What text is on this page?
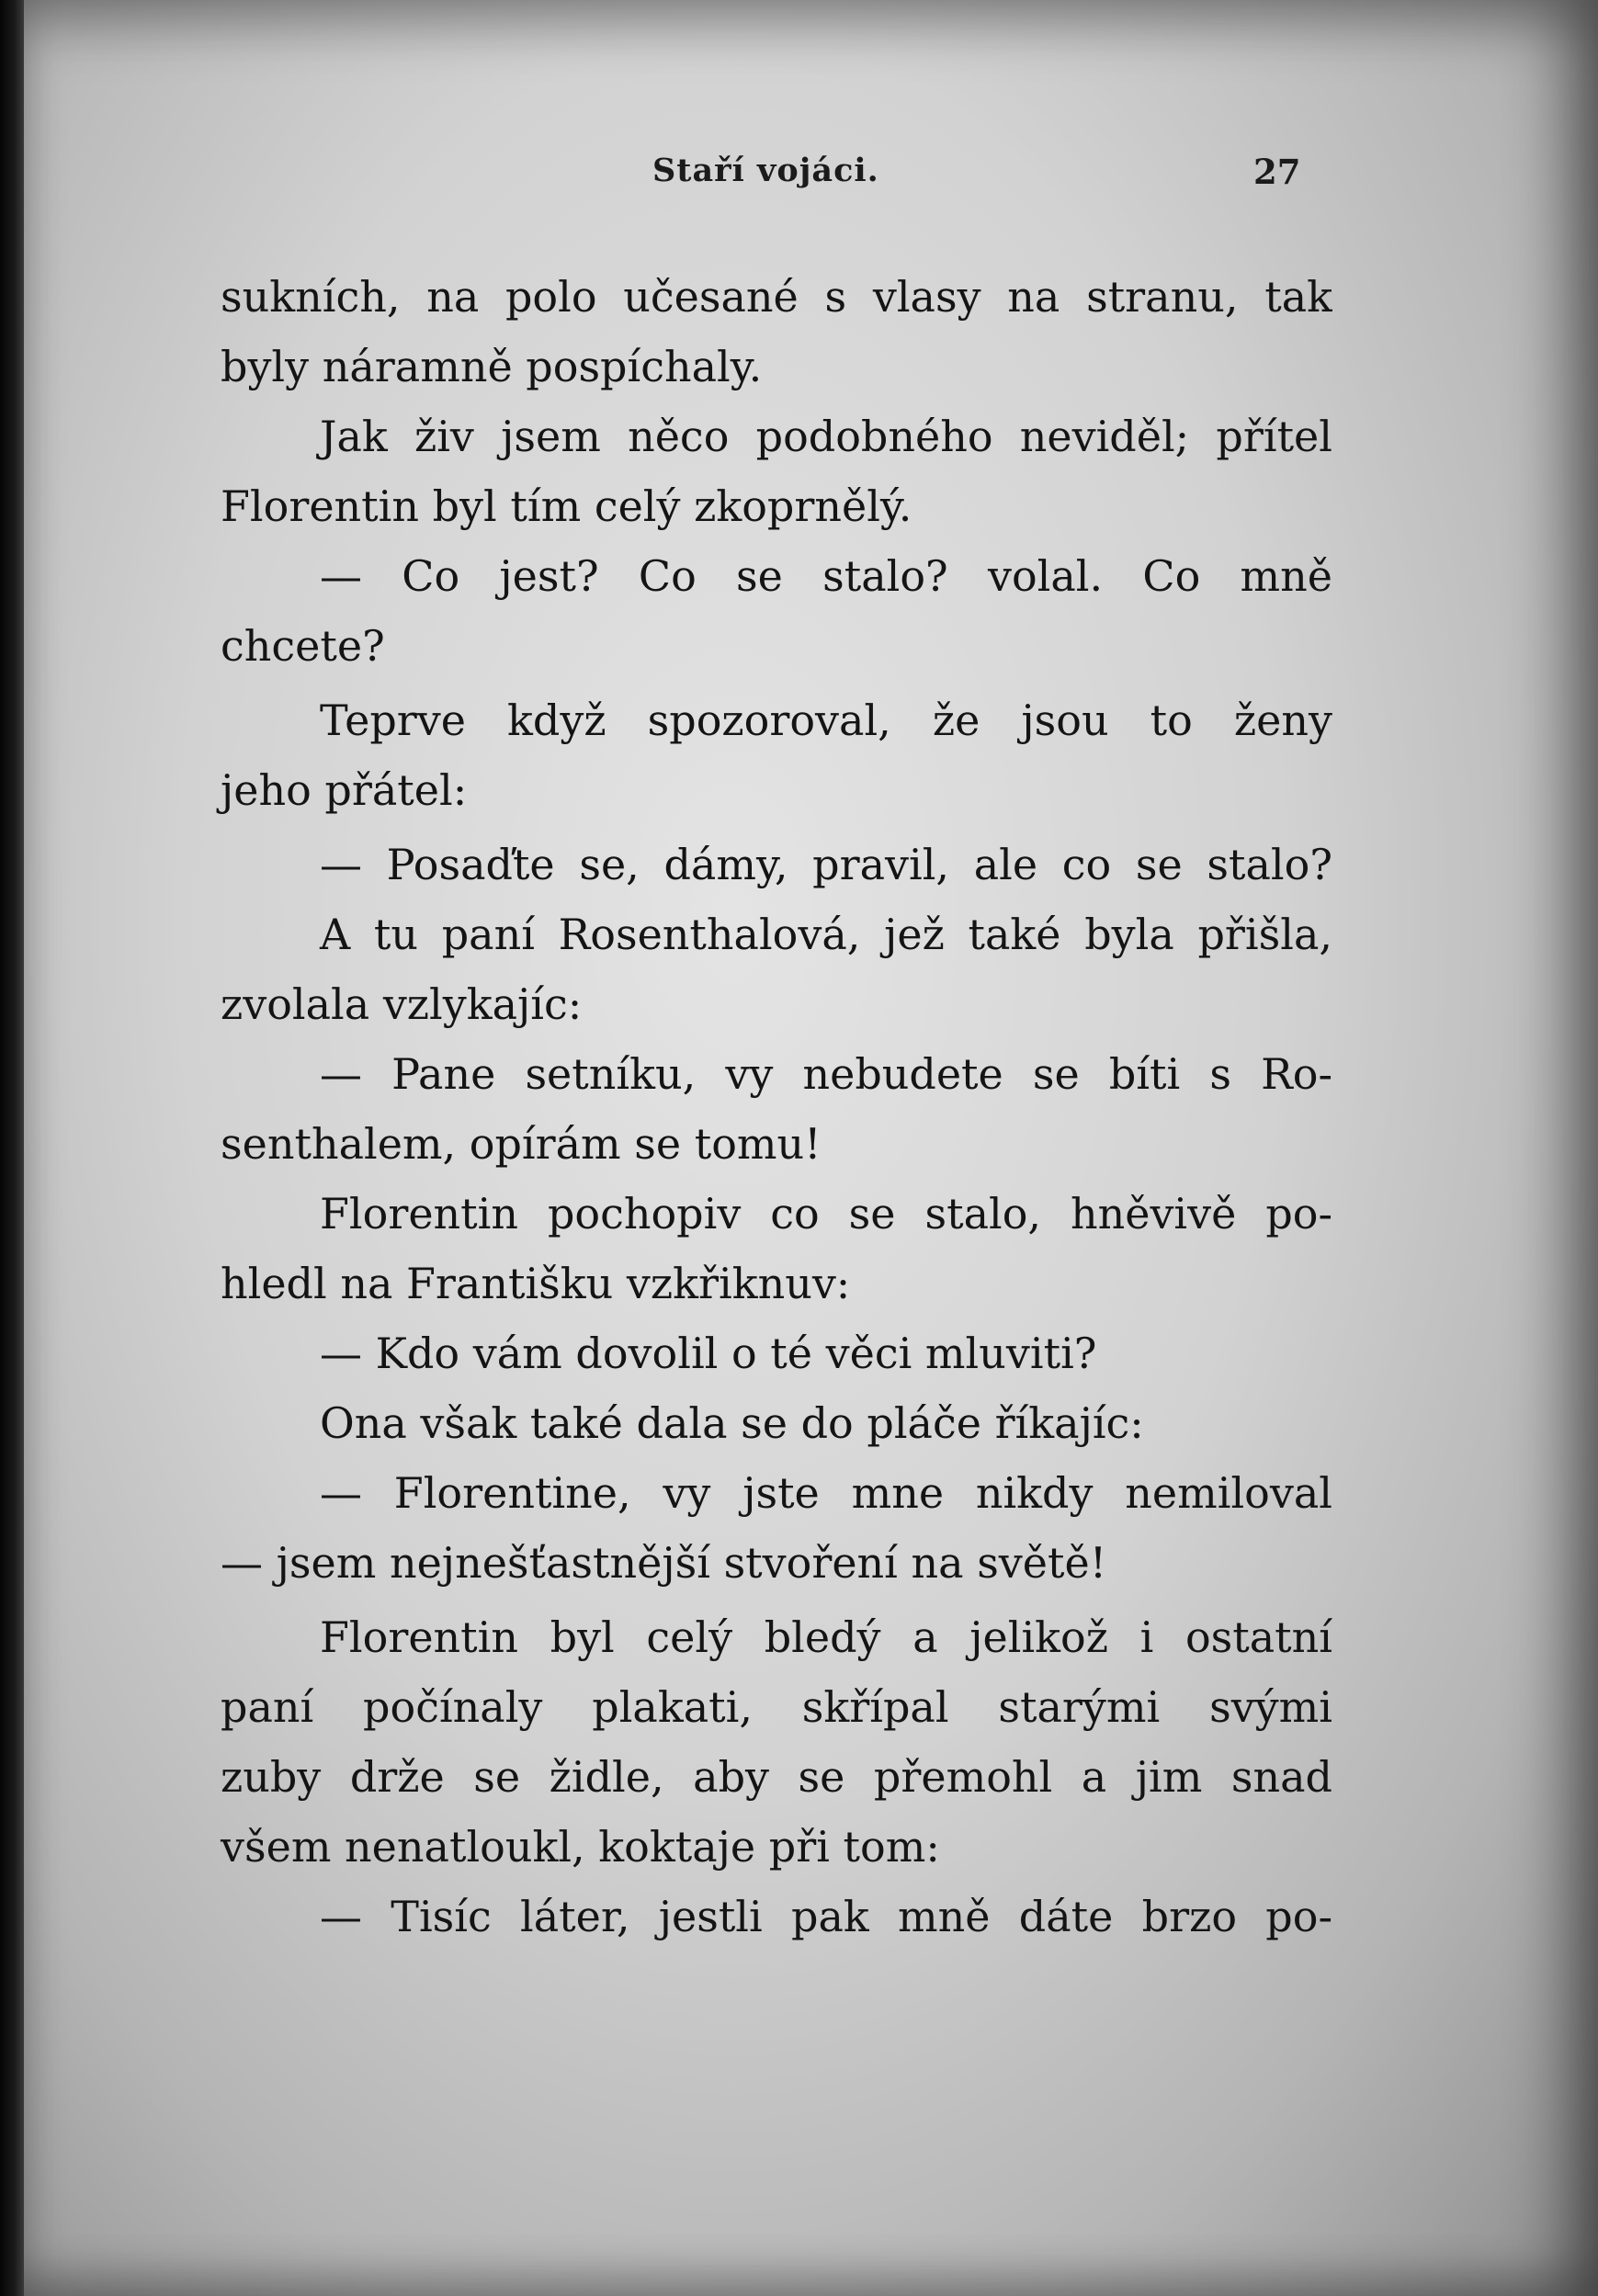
Staří vojáci.	27
sukních, na polo učesané s vlasy na stranu, tak
byly náramně pospíchaly.
Jak živ jsem něco podobného neviděl; přítel
Florentin byl tím celý zkoprnělý.
— Co jest? Co se stalo? volal. Co mně
chcete?
Teprve když spozoroval, že jsou to ženy
jeho přátel:
— Posaďte se, dámy, pravil, ale co se stalo?
A tu paní Rosenthalová, jež také byla přišla,
zvolala vzlykajíc:
— Pane setníku, vy nebudete se bíti s Ro-
senthalem, opírám se tomu!
Florentin pochopiv co se stalo, hněvivě po-
hledl na Františku vzkřiknuv:
— Kdo vám dovolil o té věci mluviti?
Ona však také dala se do pláče říkajíc:
— Florentine, vy jste mne nikdy nemiloval
— jsem nejnešťastnější stvoření na světě!
Florentin byl celý bledý a jelikož i ostatní
paní počínaly plakati, skřípal starými svými
zuby drže se židle, aby se přemohl a jim snad
všem nenatloukl, koktaje při tom:
— Tisíc láter, jestli pak mně dáte brzo po-
